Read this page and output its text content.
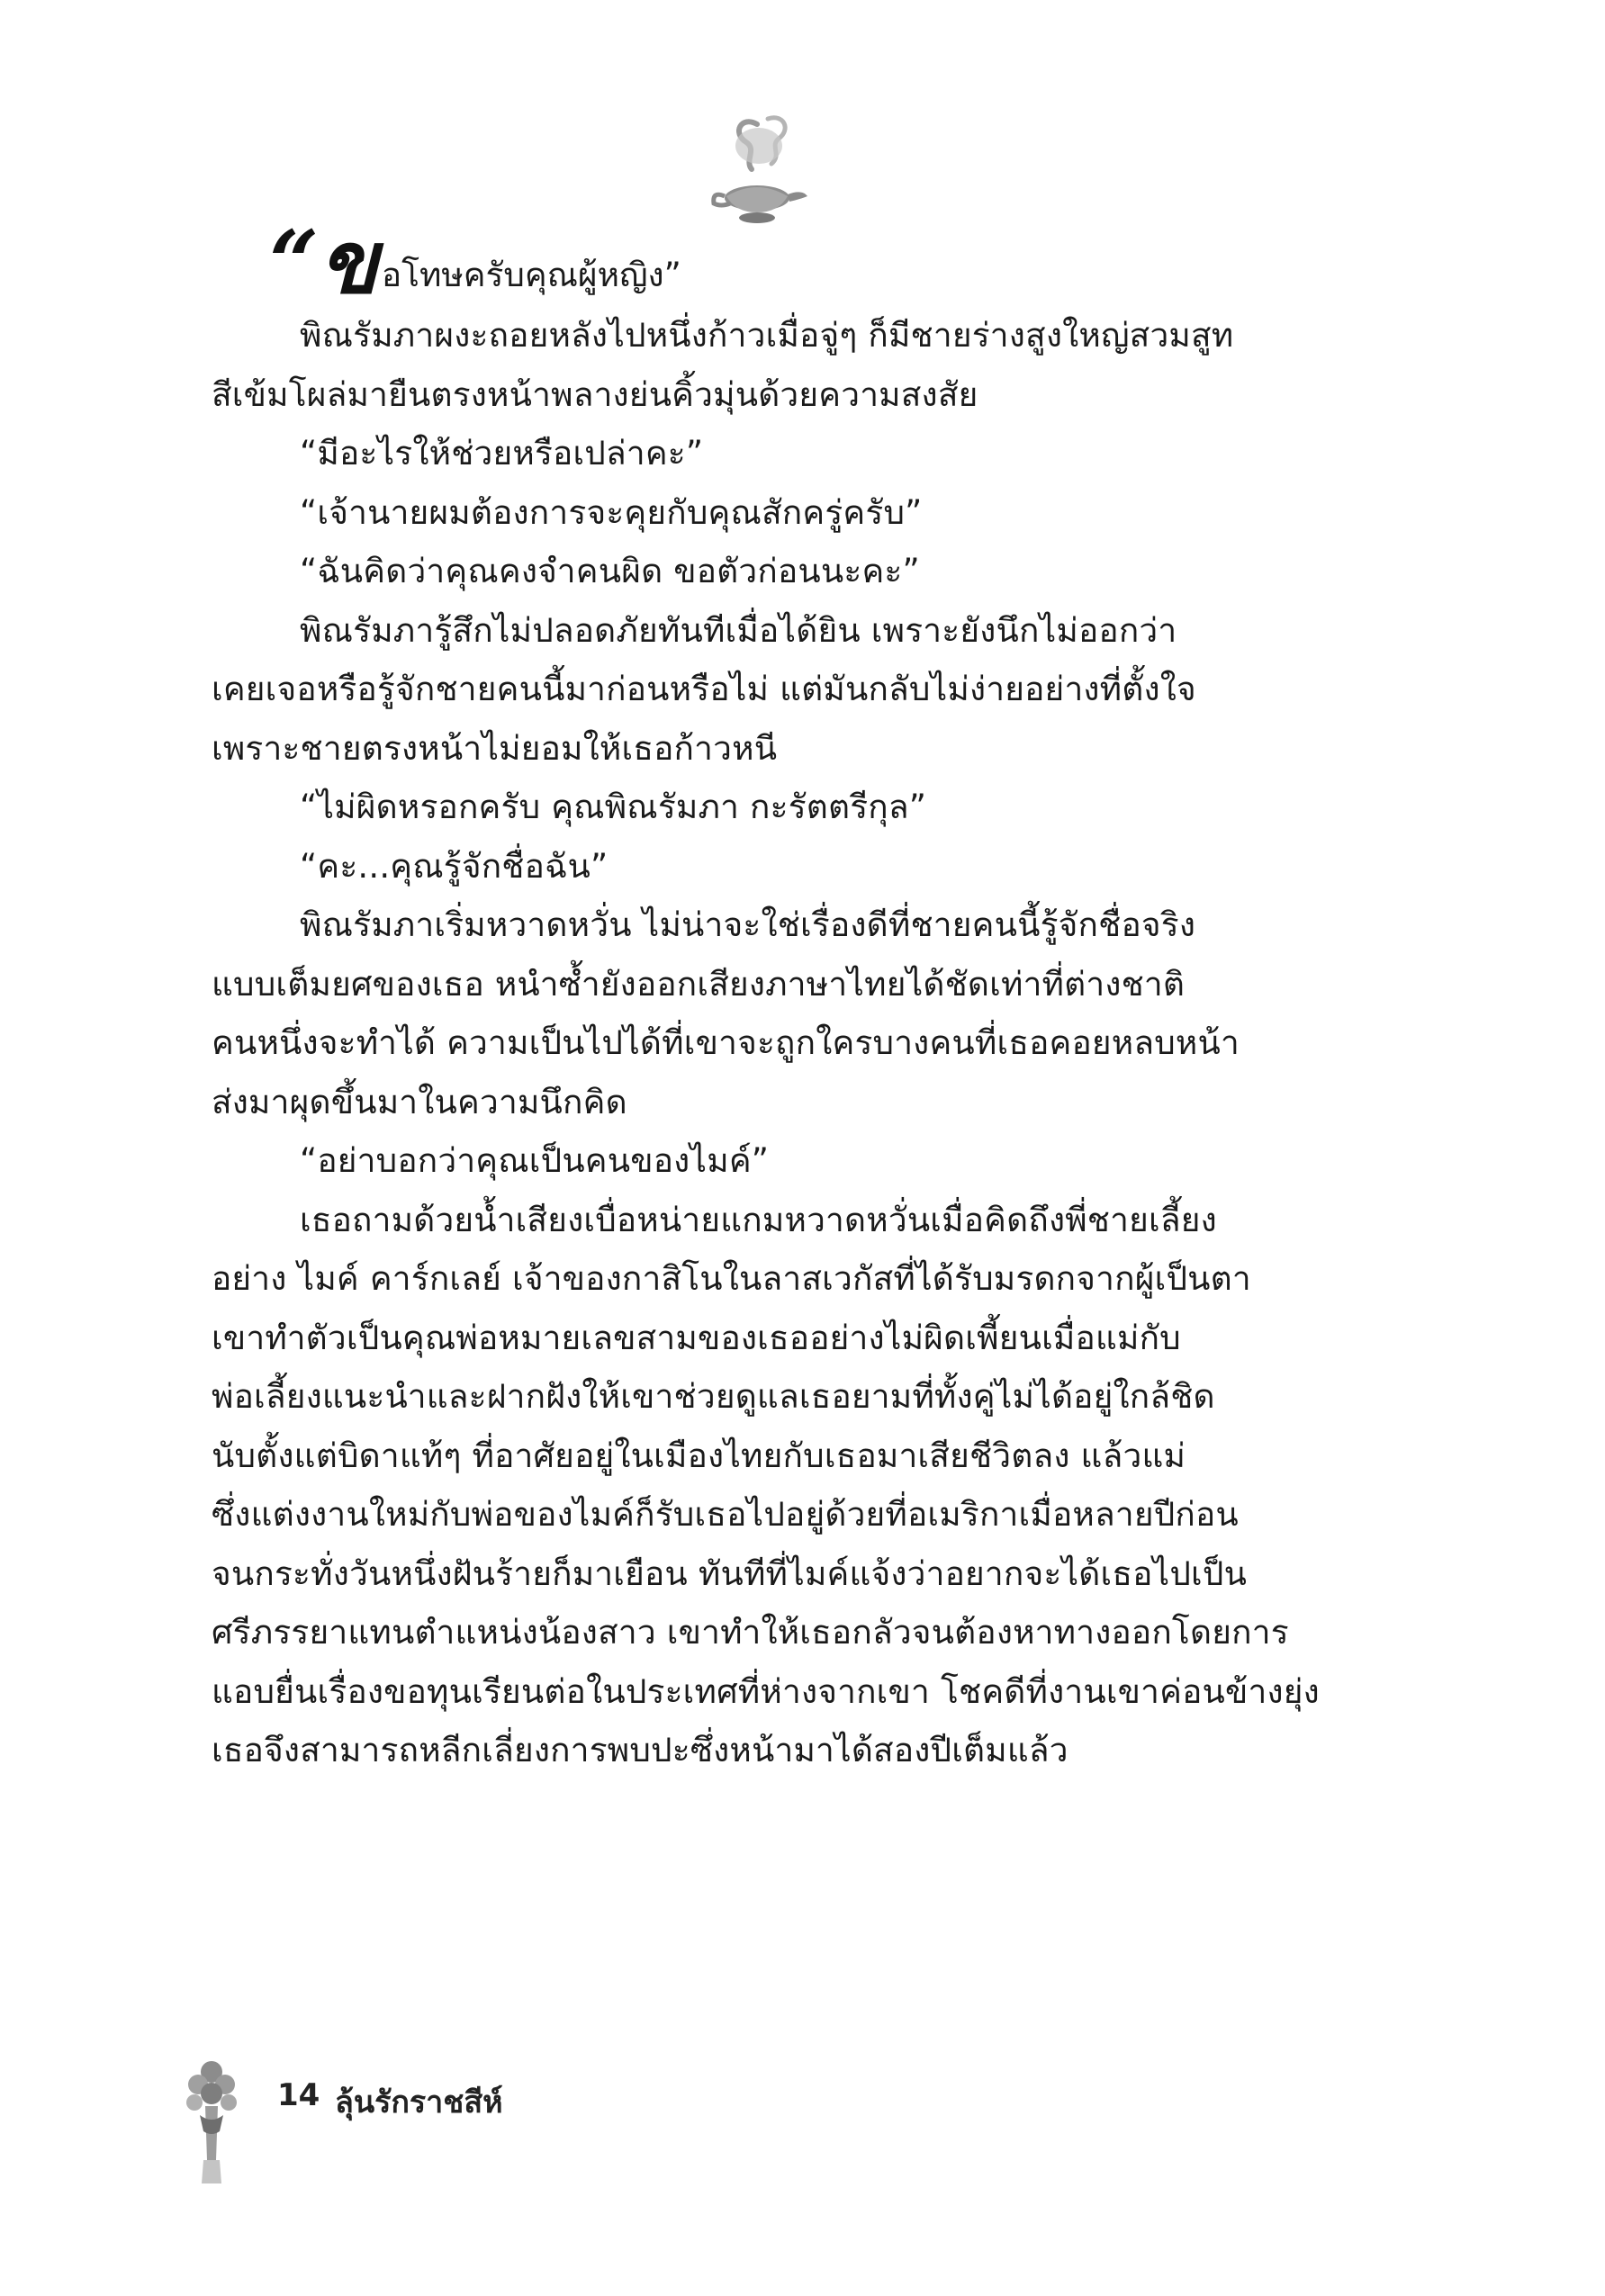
“ข อโทษครับคุณผู้หญิง”
พิณรัมภาผงะถอยหลังไปหนึ่งก้าวเมื่อจู่ๆ ก็มีชายร่างสูงใหญ่สวมสูท
สีเข้มโผล่มายืนตรงหน้าพลางย่นคิ้วมุ่นด้วยความสงสัย
“มีอะไรให้ช่วยหรือเปล่าคะ”
“เจ้านายผมต้องการจะคุยกับคุณสักครู่ครับ”
“ฉันคิดว่าคุณคงจำคนผิด ขอตัวก่อนนะคะ”
พิณรัมภารู้สึกไม่ปลอดภัยทันทีเมื่อได้ยิน เพราะยังนึกไม่ออกว่า
เคยเจอหรือรู้จักชายคนนี้มาก่อนหรือไม่ แต่มันกลับไม่ง่ายอย่างที่ตั้งใจ
เพราะชายตรงหน้าไม่ยอมให้เธอก้าวหนี
“ไม่ผิดหรอกครับ คุณพิณรัมภา กะรัตตรีกุล”
“คะ...คุณรู้จักชื่อฉัน”
พิณรัมภาเริ่มหวาดหวั่น ไม่น่าจะใช่เรื่องดีที่ชายคนนี้รู้จักชื่อจริง
แบบเต็มยศของเธอ หนำซ้ำยังออกเสียงภาษาไทยได้ชัดเท่าที่ต่างชาติ
คนหนึ่งจะทำได้ ความเป็นไปได้ที่เขาจะถูกใครบางคนที่เธอคอยหลบหน้า
ส่งมาผุดขึ้นมาในความนึกคิด
“อย่าบอกว่าคุณเป็นคนของไมค์”
เธอถามด้วยน้ำเสียงเบื่อหน่ายแกมหวาดหวั่นเมื่อคิดถึงพี่ชายเลี้ยง
อย่าง ไมค์ คาร์กเลย์ เจ้าของกาสิโนในลาสเวกัสที่ได้รับมรดกจากผู้เป็นตา
เขาทำตัวเป็นคุณพ่อหมายเลขสามของเธออย่างไม่ผิดเพี้ยนเมื่อแม่กับ
พ่อเลี้ยงแนะนำและฝากฝังให้เขาช่วยดูแลเธอยามที่ทั้งคู่ไม่ได้อยู่ใกล้ชิด
นับตั้งแต่บิดาแท้ๆ ที่อาศัยอยู่ในเมืองไทยกับเธอมาเสียชีวิตลง แล้วแม่
ซึ่งแต่งงานใหม่กับพ่อของไมค์ก็รับเธอไปอยู่ด้วยที่อเมริกาเมื่อหลายปีก่อน
จนกระทั่งวันหนึ่งฝันร้ายก็มาเยือน ทันทีที่ไมค์แจ้งว่าอยากจะได้เธอไปเป็น
ศรีภรรยาแทนตำแหน่งน้องสาว เขาทำให้เธอกลัวจนต้องหาทางออกโดยการ
แอบยื่นเรื่องขอทุนเรียนต่อในประเทศที่ห่างจากเขา โชคดีที่งานเขาค่อนข้างยุ่ง
เธอจึงสามารถหลีกเลี่ยงการพบปะซึ่งหน้ามาได้สองปีเต็มแล้ว
14 ลุ้นรักราชสีห์
